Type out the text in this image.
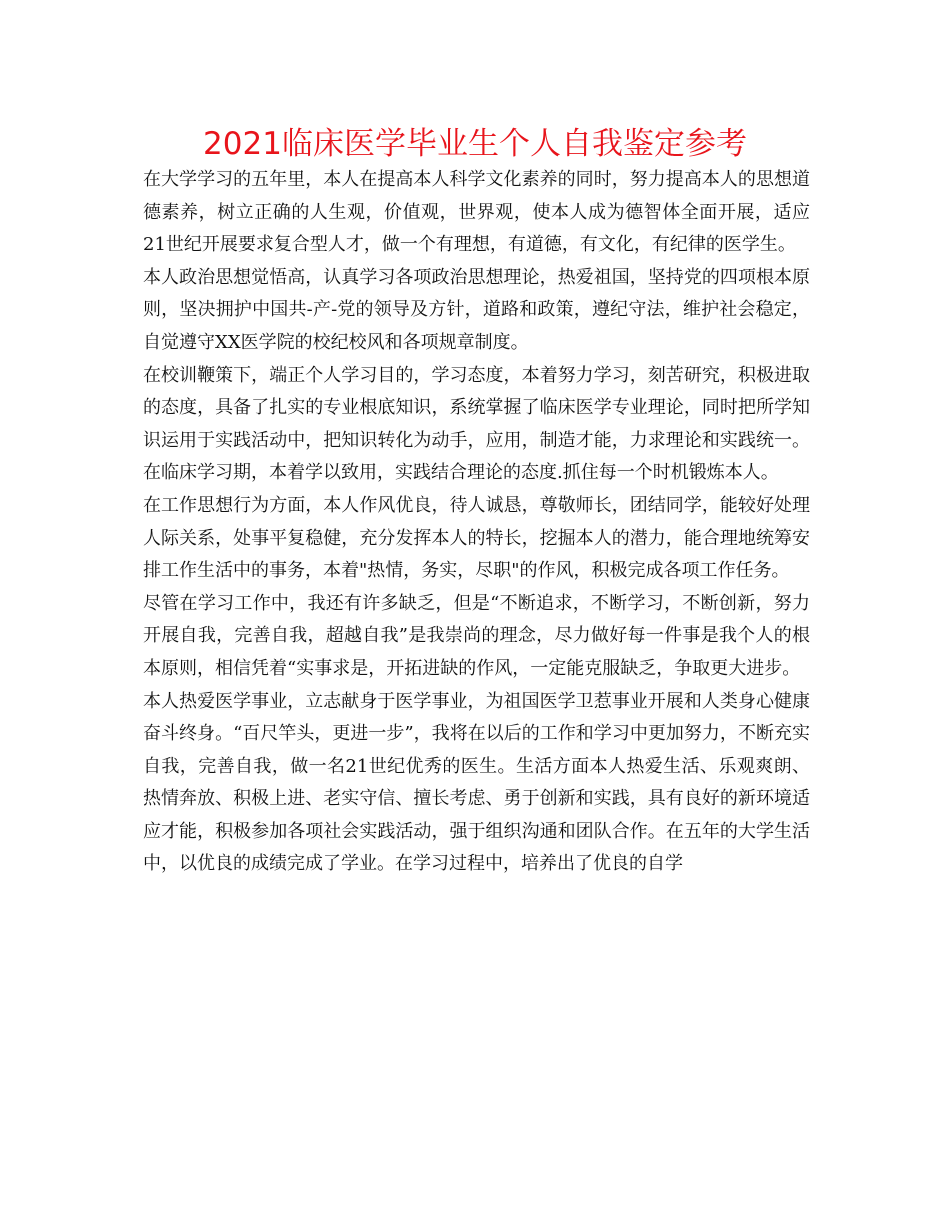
2021临床医学毕业生个人自我鉴定参考

在大学学习的五年里，本人在提高本人科学文化素养的同时，努力提高本人的思想道德素养，树立正确的人生观，价值观，世界观，使本人成为德智体全面开展，适应21世纪开展要求复合型人才，做一个有理想，有道德，有文化，有纪律的医学生。

本人政治思想觉悟高，认真学习各项政治思想理论，热爱祖国，坚持党的四项根本原则，坚决拥护中国共-产-党的领导及方针，道路和政策，遵纪守法，维护社会稳定，自觉遵守XX医学院的校纪校风和各项规章制度。

在校训鞭策下，端正个人学习目的，学习态度，本着努力学习，刻苦研究，积极进取的态度，具备了扎实的专业根底知识，系统掌握了临床医学专业理论，同时把所学知识运用于实践活动中，把知识转化为动手，应用，制造才能，力求理论和实践统一。在临床学习期，本着学以致用，实践结合理论的态度.抓住每一个时机锻炼本人。

在工作思想行为方面，本人作风优良，待人诚恳，尊敬师长，团结同学，能较好处理人际关系，处事平复稳健，充分发挥本人的特长，挖掘本人的潜力，能合理地统筹安排工作生活中的事务，本着"热情，务实，尽职"的作风，积极完成各项工作任务。

尽管在学习工作中，我还有许多缺乏，但是“不断追求，不断学习，不断创新，努力开展自我，完善自我，超越自我”是我崇尚的理念，尽力做好每一件事是我个人的根本原则，相信凭着“实事求是，开拓进缺的作风，一定能克服缺乏，争取更大进步。

本人热爱医学事业，立志献身于医学事业，为祖国医学卫惹事业开展和人类身心健康奋斗终身。“百尺竿头，更进一步”，我将在以后的工作和学习中更加努力，不断充实自我，完善自我，做一名21世纪优秀的医生。生活方面本人热爱生活、乐观爽朗、热情奔放、积极上进、老实守信、擅长考虑、勇于创新和实践，具有良好的新环境适应才能，积极参加各项社会实践活动，强于组织沟通和团队合作。在五年的大学生活中，以优良的成绩完成了学业。在学习过程中，培养出了优良的自学
